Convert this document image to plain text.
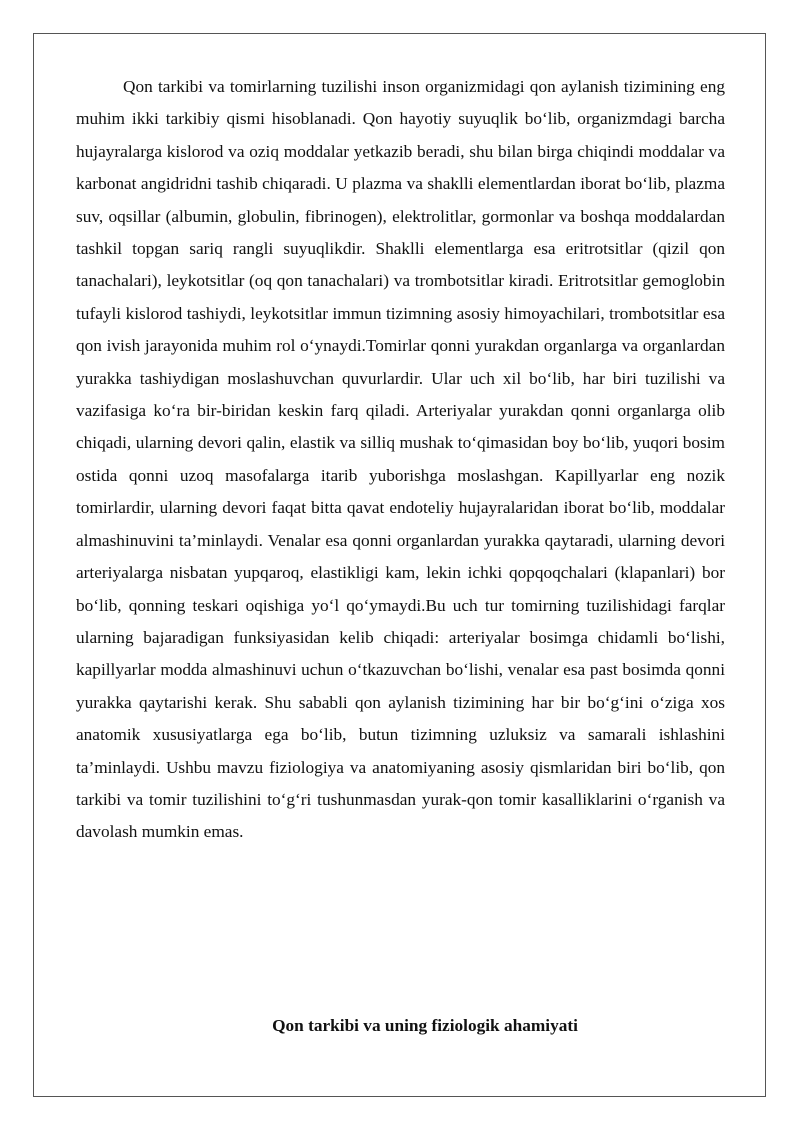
Qon tarkibi va tomirlarning tuzilishi inson organizmidagi qon aylanish tizimining eng muhim ikki tarkibiy qismi hisoblanadi. Qon hayotiy suyuqlik bo‘lib, organizmdagi barcha hujayralarga kislorod va oziq moddalar yetkazib beradi, shu bilan birga chiqindi moddalar va karbonat angidridni tashib chiqaradi. U plazma va shaklli elementlardan iborat bo‘lib, plazma suv, oqsillar (albumin, globulin, fibrinogen), elektrolitlar, gormonlar va boshqa moddalardan tashkil topgan sariq rangli suyuqlikdir. Shaklli elementlarga esa eritrotsitlar (qizil qon tanachalari), leykotsitlar (oq qon tanachalari) va trombotsitlar kiradi. Eritrotsitlar gemoglobin tufayli kislorod tashiydi, leykotsitlar immun tizimning asosiy himoyachilari, trombotsitlar esa qon ivish jarayonida muhim rol o‘ynaydi.Tomirlar qonni yurakdan organlarga va organlardan yurakka tashiydigan moslashuvchan quvurlardir. Ular uch xil bo‘lib, har biri tuzilishi va vazifasiga ko‘ra bir-biridan keskin farq qiladi. Arteriyalar yurakdan qonni organlarga olib chiqadi, ularning devori qalin, elastik va silliq mushak to‘qimasidan boy bo‘lib, yuqori bosim ostida qonni uzoq masofalarga itarib yuborishga moslashgan. Kapillyarlar eng nozik tomirlardir, ularning devori faqat bitta qavat endoteliy hujayralaridan iborat bo‘lib, moddalar almashinuvini ta’minlaydi. Venalar esa qonni organlardan yurakka qaytaradi, ularning devori arteriyalarga nisbatan yupqaroq, elastikligi kam, lekin ichki qopqoqchalari (klapanlari) bor bo‘lib, qonning teskari oqishiga yo‘l qo‘ymaydi.Bu uch tur tomirning tuzilishidagi farqlar ularning bajaradigan funksiyasidan kelib chiqadi: arteriyalar bosimga chidamli bo‘lishi, kapillyarlar modda almashinuvi uchun o‘tkazuvchan bo‘lishi, venalar esa past bosimda qonni yurakka qaytarishi kerak. Shu sababli qon aylanish tizimining har bir bo‘g‘ini o‘ziga xos anatomik xususiyatlarga ega bo‘lib, butun tizimning uzluksiz va samarali ishlashini ta’minlaydi. Ushbu mavzu fiziologiya va anatomiyaning asosiy qismlaridan biri bo‘lib, qon tarkibi va tomir tuzilishini to‘g‘ri tushunmasdan yurak-qon tomir kasalliklarini o‘rganish va davolash mumkin emas.

Qon tarkibi va uning fiziologik ahamiyati
